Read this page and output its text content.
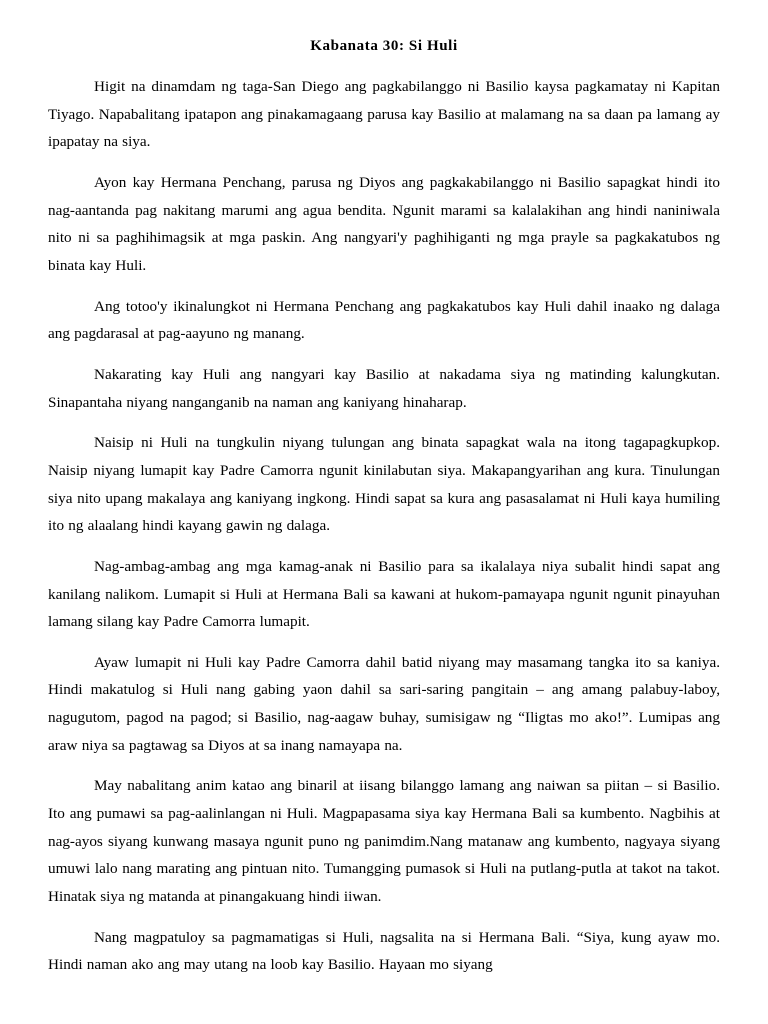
Kabanata 30: Si Huli

Higit na dinamdam ng taga-San Diego ang pagkabilanggo ni Basilio kaysa pagkamatay ni Kapitan Tiyago. Napabalitang ipatapon ang pinakamagaang parusa kay Basilio at malamang na sa daan pa lamang ay ipapatay na siya.

Ayon kay Hermana Penchang, parusa ng Diyos ang pagkakabilanggo ni Basilio sapagkat hindi ito nag-aantanda pag nakitang marumi ang agua bendita. Ngunit marami sa kalalakihan ang hindi naniniwala nito ni sa paghihimagsik at mga paskin. Ang nangyari'y paghihiganti ng mga prayle sa pagkakatubos ng binata kay Huli.

Ang totoo'y ikinalungkot ni Hermana Penchang ang pagkakatubos kay Huli dahil inaako ng dalaga ang pagdarasal at pag-aayuno ng manang.

Nakarating kay Huli ang nangyari kay Basilio at nakadama siya ng matinding kalungkutan. Sinapantaha niyang nanganganib na naman ang kaniyang hinaharap.

Naisip ni Huli na tungkulin niyang tulungan ang binata sapagkat wala na itong tagapagkupkop. Naisip niyang lumapit kay Padre Camorra ngunit kinilabutan siya. Makapangyarihan ang kura. Tinulungan siya nito upang makalaya ang kaniyang ingkong. Hindi sapat sa kura ang pasasalamat ni Huli kaya humiling ito ng alaalang hindi kayang gawin ng dalaga.

Nag-ambag-ambag ang mga kamag-anak ni Basilio para sa ikalalaya niya subalit hindi sapat ang kanilang nalikom. Lumapit si Huli at Hermana Bali sa kawani at hukom-pamayapa ngunit ngunit pinayuhan lamang silang kay Padre Camorra lumapit.

Ayaw lumapit ni Huli kay Padre Camorra dahil batid niyang may masamang tangka ito sa kaniya. Hindi makatulog si Huli nang gabing yaon dahil sa sari-saring pangitain – ang amang palabuy-laboy, nagugutom, pagod na pagod; si Basilio, nag-aagaw buhay, sumisigaw ng “Iligtas mo ako!”. Lumipas ang araw niya sa pagtawag sa Diyos at sa inang namayapa na.

May nabalitang anim katao ang binaril at iisang bilanggo lamang ang naiwan sa piitan – si Basilio. Ito ang pumawi sa pag-aalinlangan ni Huli. Magpapasama siya kay Hermana Bali sa kumbento. Nagbihis at nag-ayos siyang kunwang masaya ngunit puno ng panimdim.Nang matanaw ang kumbento, nagyaya siyang umuwi lalo nang marating ang pintuan nito. Tumangging pumasok si Huli na putlang-putla at takot na takot. Hinatak siya ng matanda at pinangakuang hindi iiwan.

Nang magpatuloy sa pagmamatigas si Huli, nagsalita na si Hermana Bali. “Siya, kung ayaw mo. Hindi naman ako ang may utang na loob kay Basilio. Hayaan mo siyang
